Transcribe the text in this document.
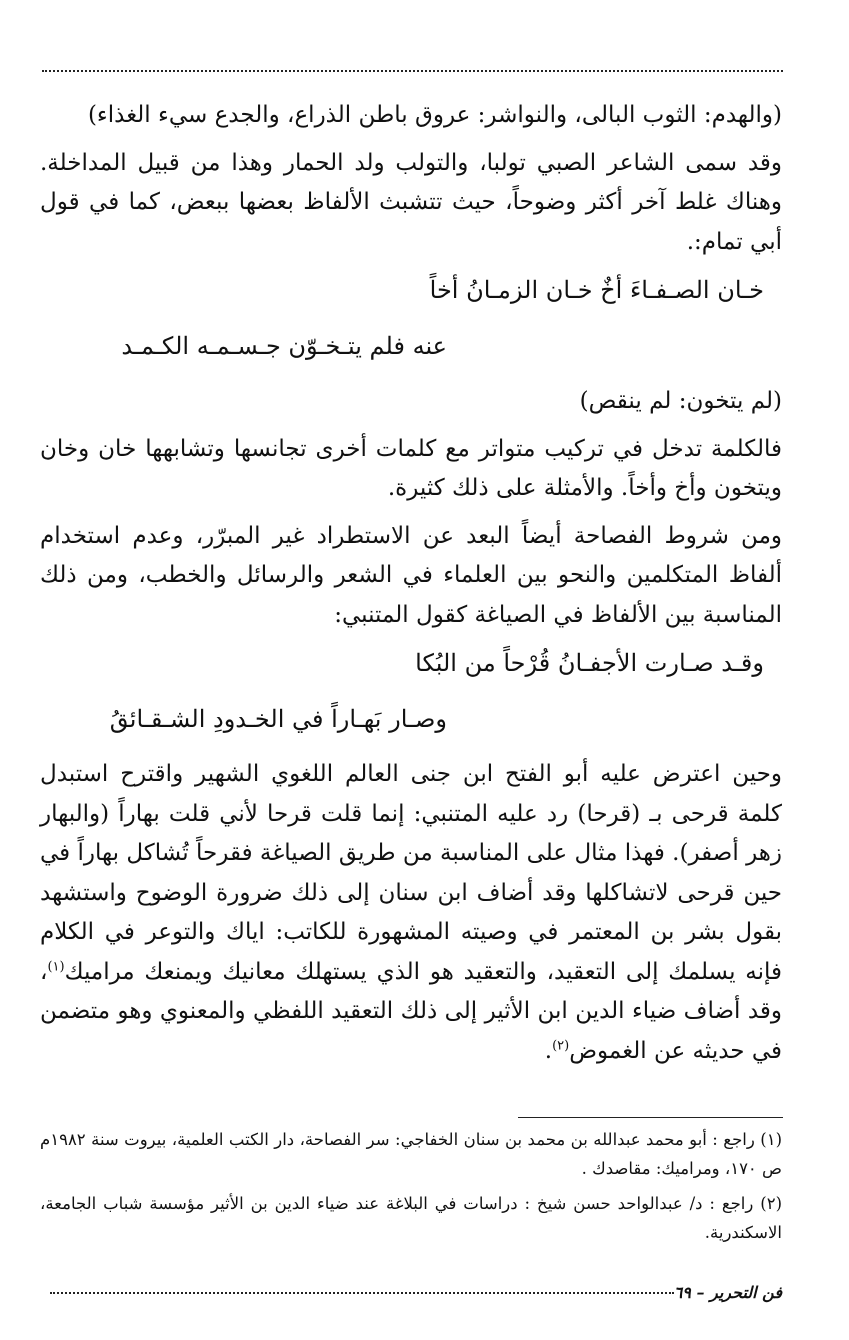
(والهدم: الثوب البالى، والنواشر: عروق باطن الذراع، والجدع سيء الغذاء)

وقد سمى الشاعر الصبي تولبا، والتولب ولد الحمار وهذا من قبيل المداخلة. وهناك غلط آخر أكثر وضوحاً، حيث تتشبث الألفاظ بعضها ببعض، كما في قول أبي تمام:.

خـان الصـفـاءَ أخٌ خـان الزمـانُ أخاً

عنه فلم يتـخـوّن جـسـمـه الكـمـد

(لم يتخون: لم ينقص)

فالكلمة تدخل في تركيب متواتر مع كلمات أخرى تجانسها وتشابهها خان وخان ويتخون وأخ وأخاً. والأمثلة على ذلك كثيرة.

ومن شروط الفصاحة أيضاً البعد عن الاستطراد غير المبرّر، وعدم استخدام ألفاظ المتكلمين والنحو بين العلماء في الشعر والرسائل والخطب، ومن ذلك المناسبة بين الألفاظ في الصياغة كقول المتنبي:

وقـد صـارت الأجفـانُ قُرْحاً من البُكا

وصـار بَهـاراً في الخـدودِ الشـقـائقُ

وحين اعترض عليه أبو الفتح ابن جنى العالم اللغوي الشهير واقترح استبدل كلمة قرحى بـ (قرحا) رد عليه المتنبي: إنما قلت قرحا لأني قلت بهاراً (والبهار زهر أصفر). فهذا مثال على المناسبة من طريق الصياغة فقرحاً تُشاكل بهاراً في حين قرحى لاتشاكلها وقد أضاف ابن سنان إلى ذلك ضرورة الوضوح واستشهد بقول بشر بن المعتمر في وصيته المشهورة للكاتب: اياك والتوعر في الكلام فإنه يسلمك إلى التعقيد، والتعقيد هو الذي يستهلك معانيك ويمنعك مراميك$^{(١)}$، وقد أضاف ضياء الدين ابن الأثير إلى ذلك التعقيد اللفظي والمعنوي وهو متضمن في حديثه عن الغموض$^{(٢)}$.

(١) راجع : أبو محمد عبدالله بن محمد بن سنان الخفاجي: سر الفصاحة، دار الكتب العلمية، بيروت سنة ١٩٨٢م ص ١٧٠، ومراميك: مقاصدك .

(٢) راجع : د/ عبدالواحد حسن شيخ : دراسات في البلاغة عند ضياء الدين بن الأثير مؤسسة شباب الجامعة، الاسكندرية.

فن التحرير – ٦٩
